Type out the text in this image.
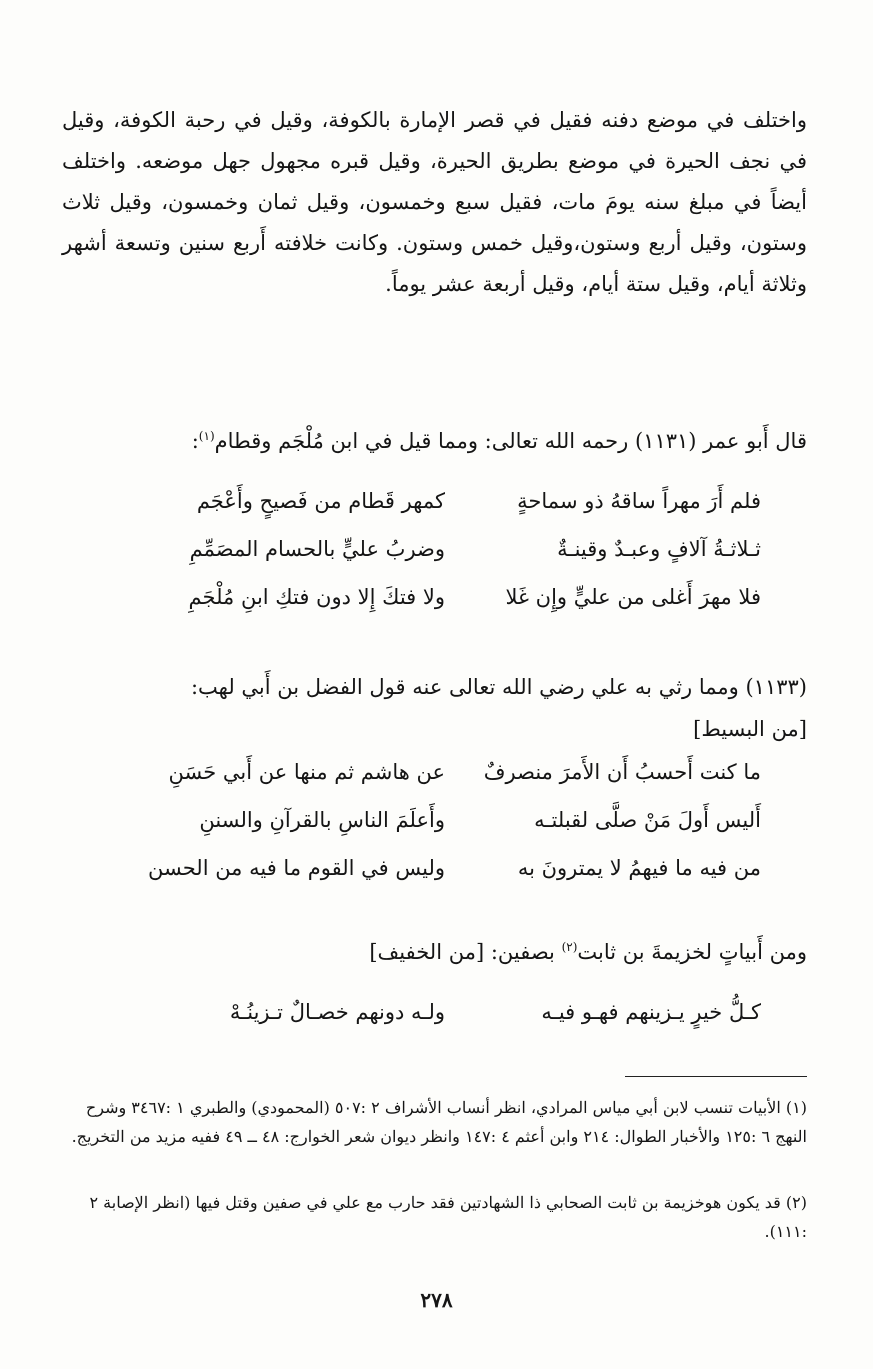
واختلف في موضع دفنه فقيل في قصر الإمارة بالكوفة، وقيل في رحبة الكوفة، وقيل في نجف الحيرة في موضع بطريق الحيرة، وقيل قبره مجهول جهل موضعه. واختلف أيضاً في مبلغ سنه يومَ مات، فقيل سبع وخمسون، وقيل ثمان وخمسون، وقيل ثلاث وستون، وقيل أربع وستون،وقيل خمس وستون. وكانت خلافته أَربع سنين وتسعة أشهر وثلاثة أيام، وقيل ستة أيام، وقيل أربعة عشر يوماً.
قال أَبو عمر (١١٣١) رحمه الله تعالى: ومما قيل في ابن مُلْجَم وقطام$^{(١)}$:
فلم أَرَ مهراً ساقهُ ذو سماحةٍ
كمهر قَطام من فَصيحٍ وأَعْجَم
ثـلاثـةُ آلافٍ وعبـدٌ وقينـةٌ
وضربُ عليٍّ بالحسام المصَمِّمِ
فلا مهرَ أَغلى من عليٍّ وإِن غَلا
ولا فتكَ إِلا دون فتكِ ابنِ مُلْجَمِ
(١١٣٣) ومما رثي به علي رضي الله تعالى عنه قول الفضل بن أَبي لهب:
[من البسيط]
ما كنت أَحسبُ أَن الأَمرَ منصرفٌ
عن هاشم ثم منها عن أَبي حَسَنِ
أَليس أَولَ مَنْ صلَّى لقبلتـه
وأَعلَمَ الناسِ بالقرآنِ والسننِ
من فيه ما فيهمُ لا يمترونَ به
وليس في القوم ما فيه من الحسن
ومن أَبياتٍ لخزيمةَ بن ثابت$^{(٢)}$ بصفين: [من الخفيف]
كـلُّ خيرٍ يـزينهم فهـو فيـه
ولـه دونهم خصـالٌ تـزينُـهْ
(١) الأبيات تنسب لابن أبي مياس المرادي، انظر أنساب الأشراف ٢ :٥٠٧ (المحمودي) والطبري ١ :٣٤٦٧ وشرح النهج ٦ :١٢٥ والأخبار الطوال: ٢١٤ وابن أعثم ٤ :١٤٧ وانظر ديوان شعر الخوارج: ٤٨ ــ ٤٩ ففيه مزيد من التخريج.
(٢) قد يكون هوخزيمة بن ثابت الصحابي ذا الشهادتين فقد حارب مع علي في صفين وقتل فيها (انظر الإصابة ٢ :١١١).
٢٧٨
